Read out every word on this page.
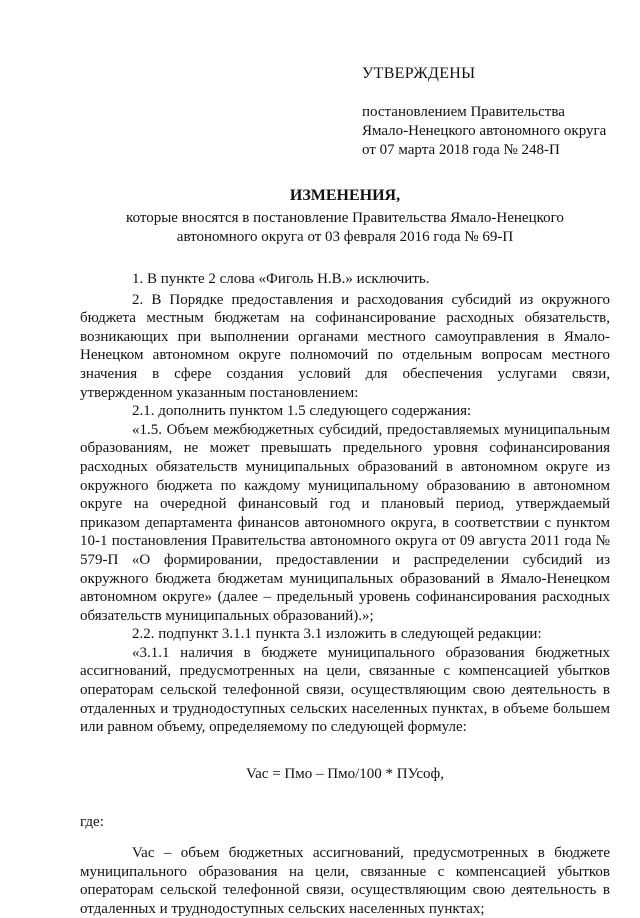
УТВЕРЖДЕНЫ
постановлением Правительства
Ямало-Ненецкого автономного округа
от 07 марта 2018 года № 248-П
ИЗМЕНЕНИЯ,
которые вносятся в постановление Правительства Ямало-Ненецкого
автономного округа от 03 февраля 2016 года № 69-П

1. В пункте 2 слова «Фиголь Н.В.» исключить.

2. В Порядке предоставления и расходования субсидий из окружного бюджета местным бюджетам на софинансирование расходных обязательств, возникающих при выполнении органами местного самоуправления в Ямало-Ненецком автономном округе полномочий по отдельным вопросам местного значения в сфере создания условий для обеспечения услугами связи, утвержденном указанным постановлением:

2.1. дополнить пунктом 1.5 следующего содержания:

«1.5. Объем межбюджетных субсидий, предоставляемых муниципальным образованиям, не может превышать предельного уровня софинансирования расходных обязательств муниципальных образований в автономном округе из окружного бюджета по каждому муниципальному образованию в автономном округе на очередной финансовый год и плановый период, утверждаемый приказом департамента финансов автономного округа, в соответствии с пунктом 10-1 постановления Правительства автономного округа от 09 августа 2011 года № 579-П «О формировании, предоставлении и распределении субсидий из окружного бюджета бюджетам муниципальных образований в Ямало-Ненецком автономном округе» (далее – предельный уровень софинансирования расходных обязательств муниципальных образований).»;

2.2. подпункт 3.1.1 пункта 3.1 изложить в следующей редакции:

«3.1.1 наличия в бюджете муниципального образования бюджетных ассигнований, предусмотренных на цели, связанные с компенсацией убытков операторам сельской телефонной связи, осуществляющим свою деятельность в отдаленных и труднодоступных сельских населенных пунктах, в объеме большем или равном объему, определяемому по следующей формуле:

Vac = Пмо – Пмо/100 * ПУсоф,
где:

Vac – объем бюджетных ассигнований, предусмотренных в бюджете муниципального образования на цели, связанные с компенсацией убытков операторам сельской телефонной связи, осуществляющим свою деятельность в отдаленных и труднодоступных сельских населенных пунктах;
